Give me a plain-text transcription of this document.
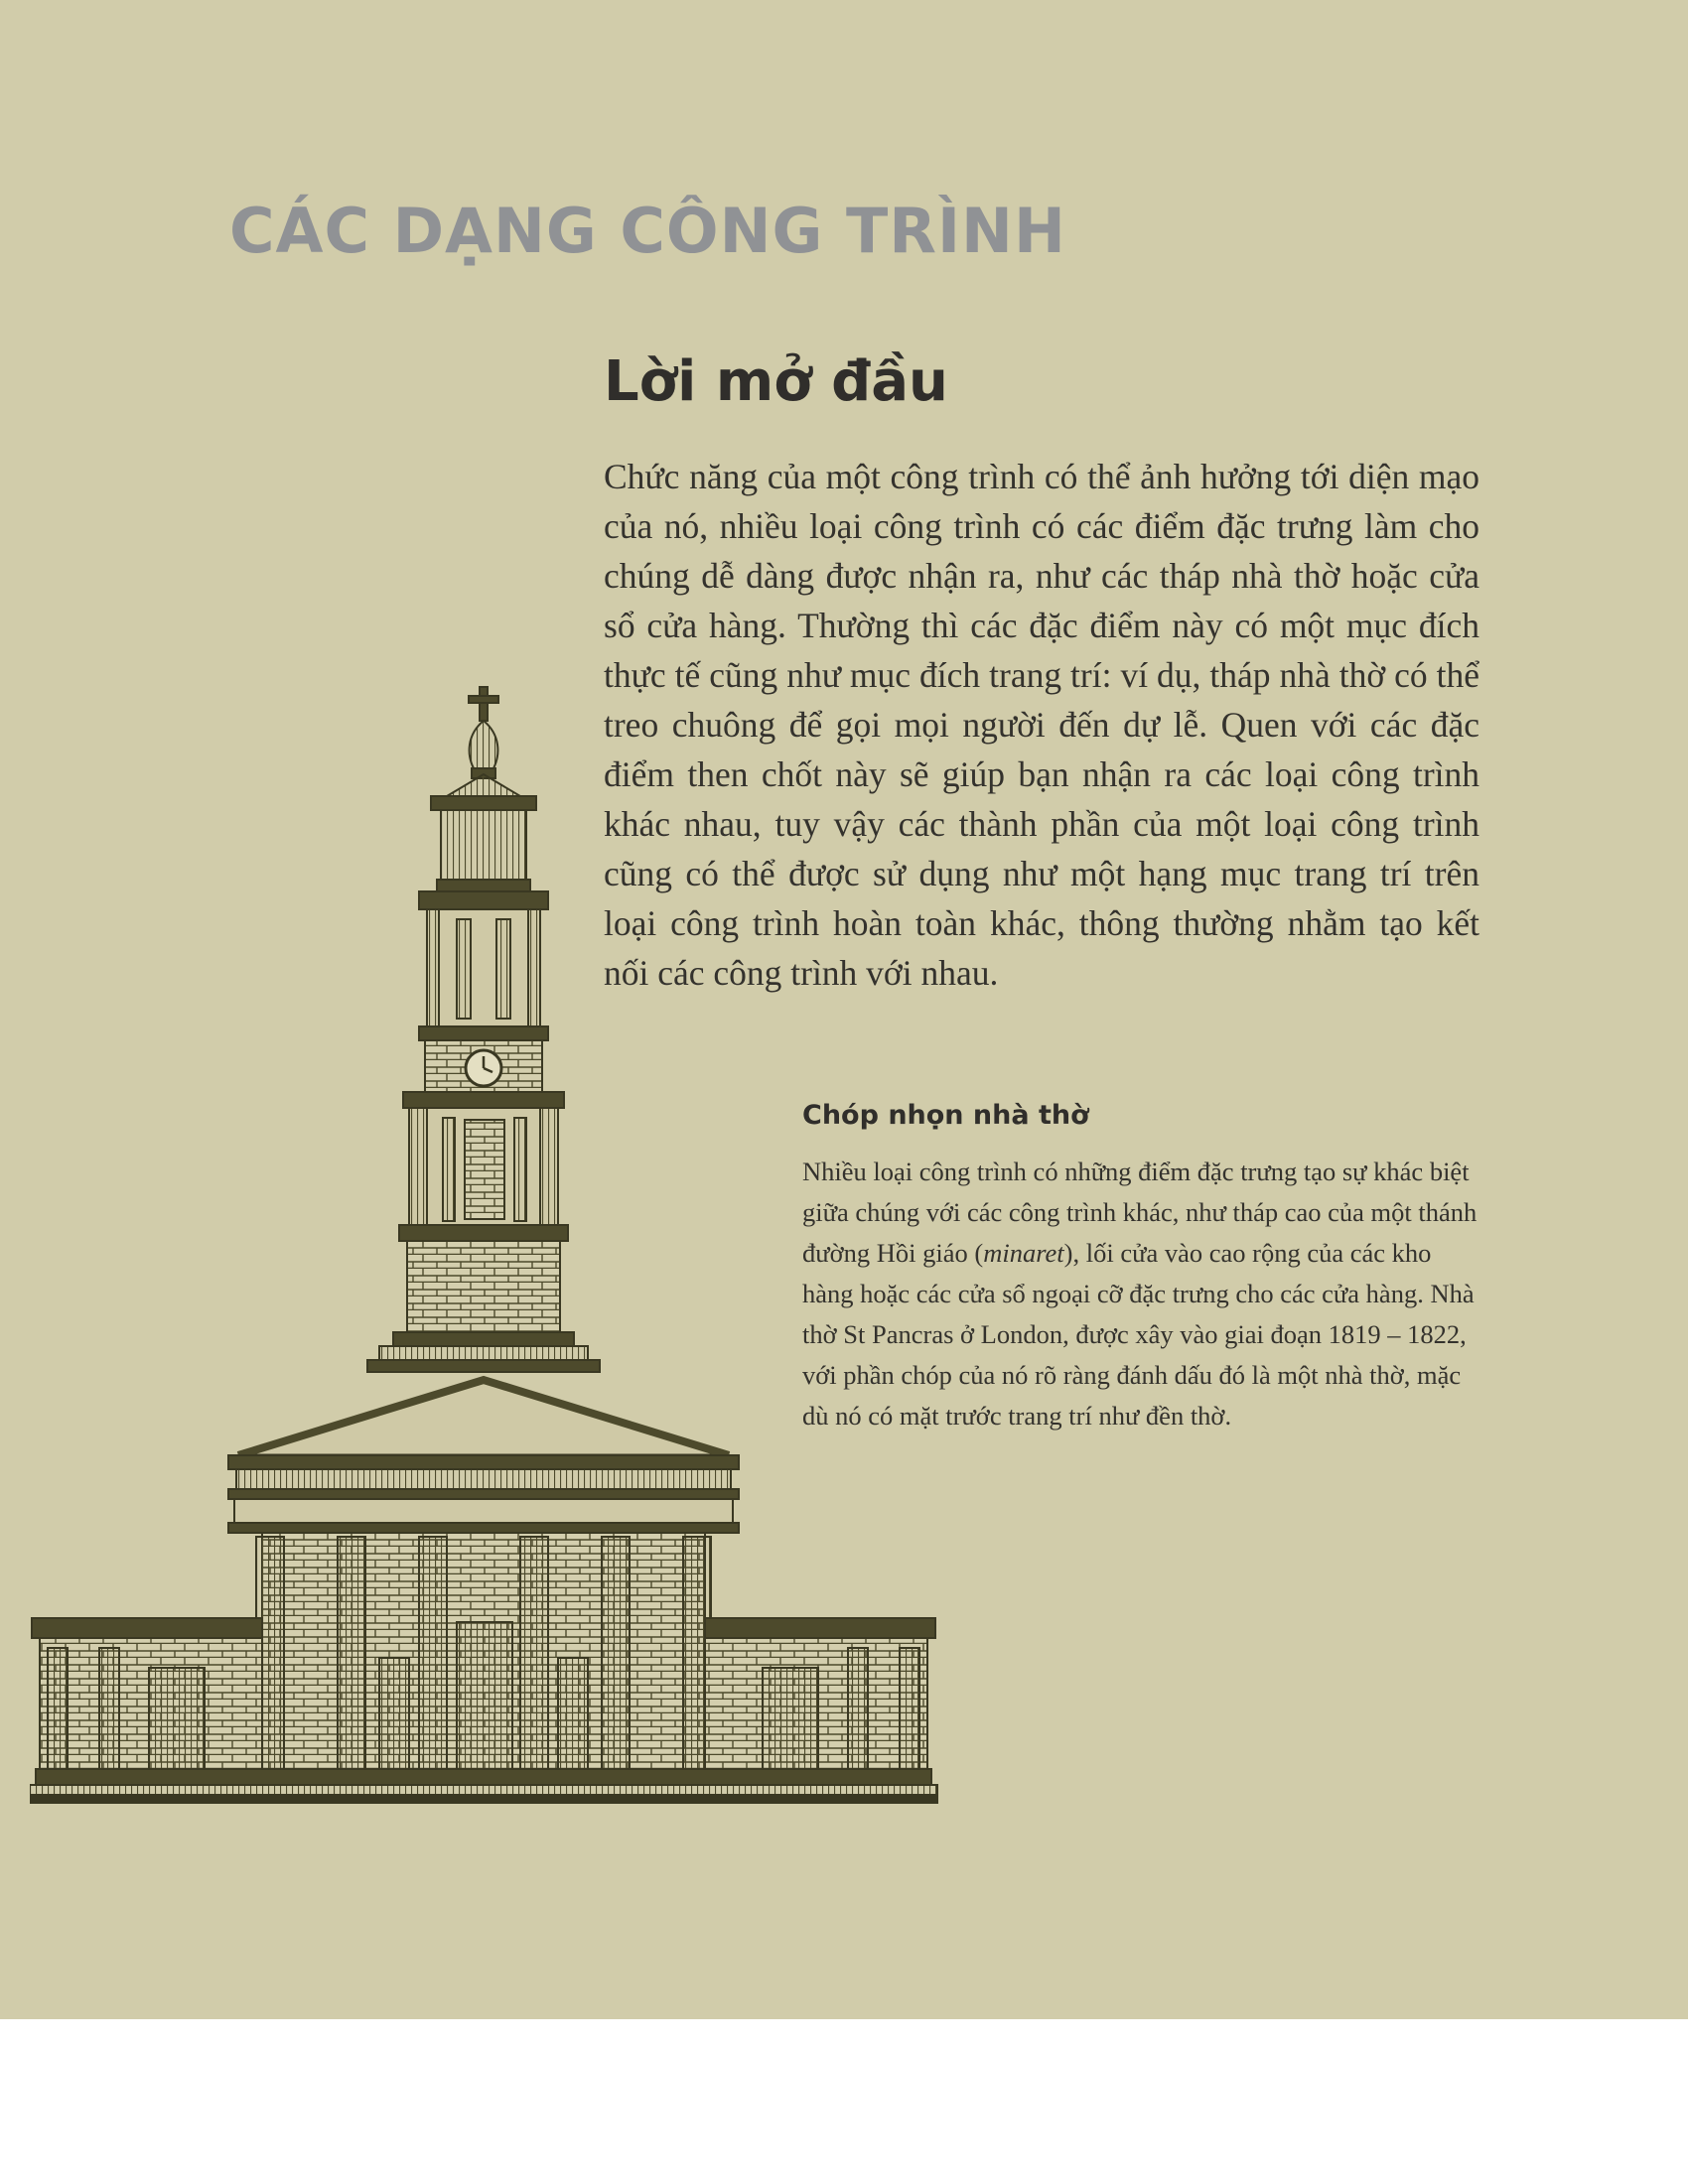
CÁC DẠNG CÔNG TRÌNH
Lời mở đầu

Chức năng của một công trình có thể ảnh hưởng tới diện mạo của nó, nhiều loại công trình có các điểm đặc trưng làm cho chúng dễ dàng được nhận ra, như các tháp nhà thờ hoặc cửa sổ cửa hàng. Thường thì các đặc điểm này có một mục đích thực tế cũng như mục đích trang trí: ví dụ, tháp nhà thờ có thể treo chuông để gọi mọi người đến dự lễ. Quen với các đặc điểm then chốt này sẽ giúp bạn nhận ra các loại công trình khác nhau, tuy vậy các thành phần của một loại công trình cũng có thể được sử dụng như một hạng mục trang trí trên loại công trình hoàn toàn khác, thông thường nhằm tạo kết nối các công trình với nhau.

Chóp nhọn nhà thờ

Nhiều loại công trình có những điểm đặc trưng tạo sự khác biệt giữa chúng với các công trình khác, như tháp cao của một thánh đường Hồi giáo (minaret), lối cửa vào cao rộng của các kho hàng hoặc các cửa sổ ngoại cỡ đặc trưng cho các cửa hàng. Nhà thờ St Pancras ở London, được xây vào giai đoạn 1819 – 1822, với phần chóp của nó rõ ràng đánh dấu đó là một nhà thờ, mặc dù nó có mặt trước trang trí như đền thờ.
